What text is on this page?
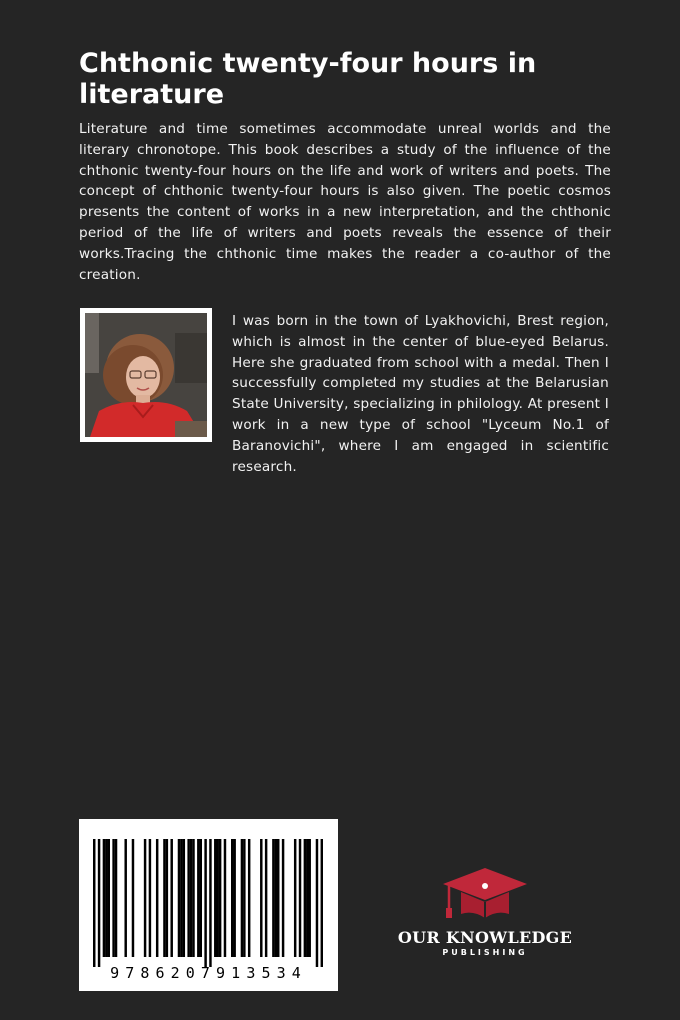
Chthonic twenty-four hours in literature

Literature and time sometimes accommodate unreal worlds and the literary chronotope. This book describes a study of the influence of the chthonic twenty-four hours on the life and work of writers and poets. The concept of chthonic twenty-four hours is also given. The poetic cosmos presents the content of works in a new interpretation, and the chthonic period of the life of writers and poets reveals the essence of their works.Tracing the chthonic time makes the reader a co-author of the creation.

I was born in the town of Lyakhovichi, Brest region, which is almost in the center of blue-eyed Belarus. Here she graduated from school with a medal. Then I successfully completed my studies at the Belarusian State University, specializing in philology. At present I work in a new type of school "Lyceum No.1 of Baranovichi", where I am engaged in scientific research.

9786207913534
OUR KNOWLEDGE
PUBLISHING
